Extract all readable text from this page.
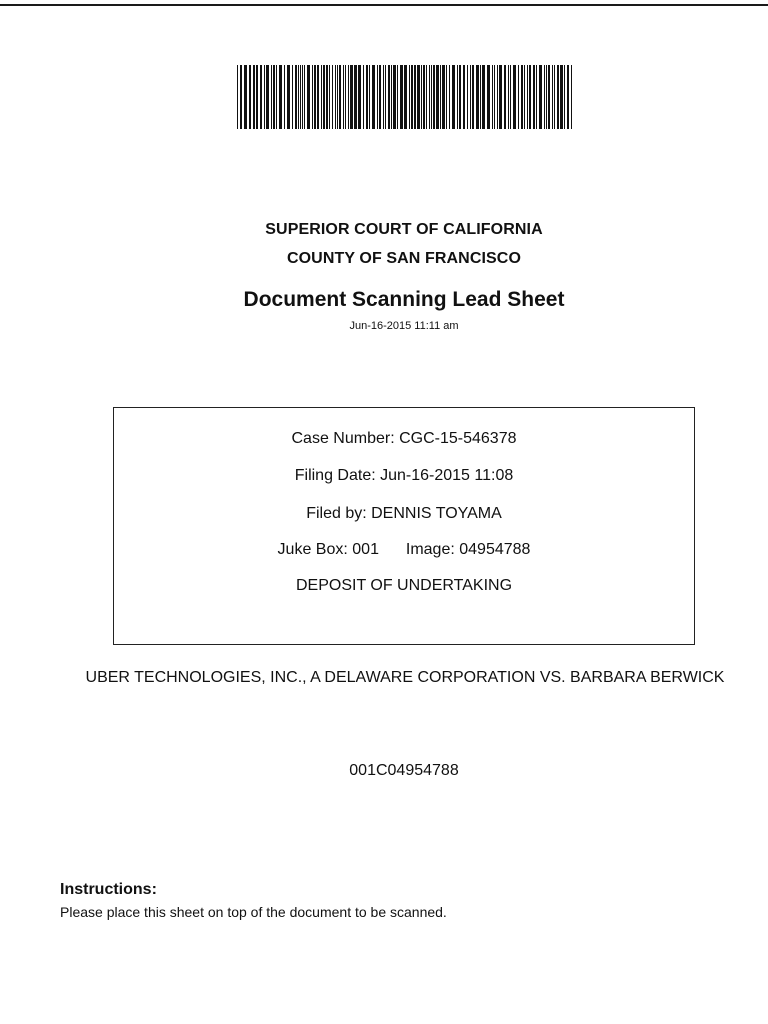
SUPERIOR COURT OF CALIFORNIA
COUNTY OF SAN FRANCISCO
Document Scanning Lead Sheet
Jun-16-2015 11:11 am
Case Number: CGC-15-546378
Filing Date: Jun-16-2015 11:08
Filed by: DENNIS TOYAMA
Juke Box: 001 Image: 04954788
DEPOSIT OF UNDERTAKING
UBER TECHNOLOGIES, INC., A DELAWARE CORPORATION VS. BARBARA BERWICK
001C04954788
Instructions:
Please place this sheet on top of the document to be scanned.
